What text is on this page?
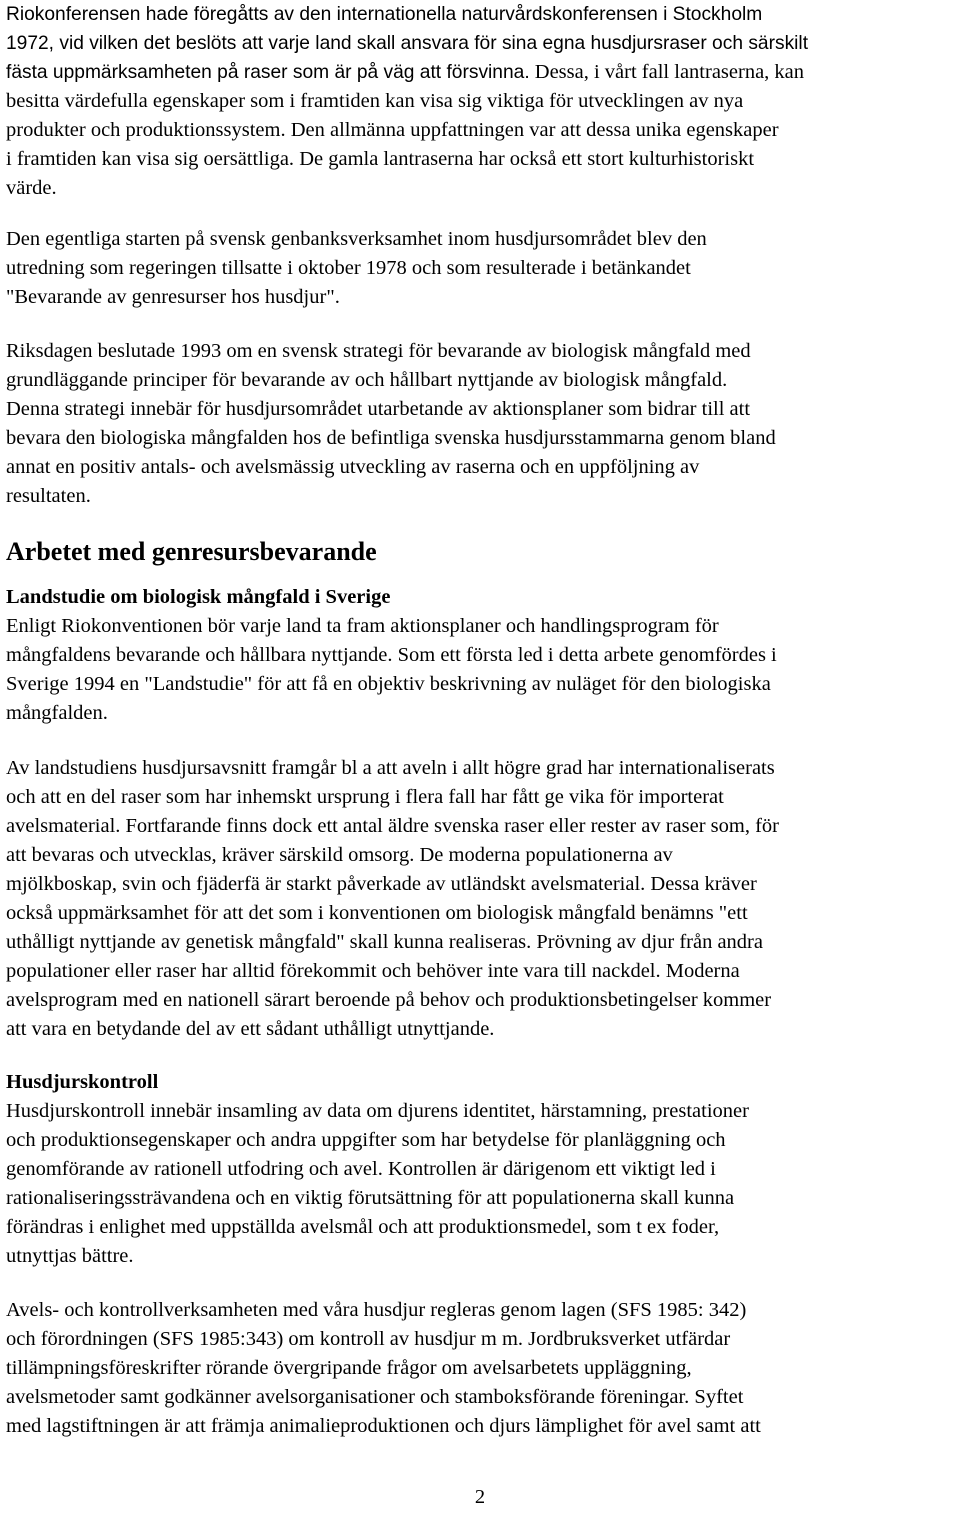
Riokonferensen hade föregåtts av den internationella naturvårdskonferensen i Stockholm
1972, vid vilken det beslöts att varje land skall ansvara för sina egna husdjursraser och särskilt
fästa uppmärksamheten på raser som är på väg att försvinna. Dessa, i vårt fall lantraserna, kan
besitta värdefulla egenskaper som i framtiden kan visa sig viktiga för utvecklingen av nya
produkter och produktionssystem. Den allmänna uppfattningen var att dessa unika egenskaper
i framtiden kan visa sig oersättliga. De gamla lantraserna har också ett stort kulturhistoriskt
värde.

Den egentliga starten på svensk genbanksverksamhet inom husdjursområdet blev den
utredning som regeringen tillsatte i oktober 1978 och som resulterade i betänkandet
"Bevarande av genresurser hos husdjur".

Riksdagen beslutade 1993 om en svensk strategi för bevarande av biologisk mångfald med
grundläggande principer för bevarande av och hållbart nyttjande av biologisk mångfald.
Denna strategi innebär för husdjursområdet utarbetande av aktionsplaner som bidrar till att
bevara den biologiska mångfalden hos de befintliga svenska husdjursstammarna genom bland
annat en positiv antals- och avelsmässig utveckling av raserna och en uppföljning av
resultaten.

Arbetet med genresursbevarande
Landstudie om biologisk mångfald i Sverige

Enligt Riokonventionen bör varje land ta fram aktionsplaner och handlingsprogram för
mångfaldens bevarande och hållbara nyttjande. Som ett första led i detta arbete genomfördes i
Sverige 1994 en "Landstudie" för att få en objektiv beskrivning av nuläget för den biologiska
mångfalden.

Av landstudiens husdjursavsnitt framgår bl a att aveln i allt högre grad har internationaliserats
och att en del raser som har inhemskt ursprung i flera fall har fått ge vika för importerat
avelsmaterial. Fortfarande finns dock ett antal äldre svenska raser eller rester av raser som, för
att bevaras och utvecklas, kräver särskild omsorg. De moderna populationerna av
mjölkboskap, svin och fjäderfä är starkt påverkade av utländskt avelsmaterial. Dessa kräver
också uppmärksamhet för att det som i konventionen om biologisk mångfald benämns "ett
uthålligt nyttjande av genetisk mångfald" skall kunna realiseras. Prövning av djur från andra
populationer eller raser har alltid förekommit och behöver inte vara till nackdel. Moderna
avelsprogram med en nationell särart beroende på behov och produktionsbetingelser kommer
att vara en betydande del av ett sådant uthålligt utnyttjande.

Husdjurskontroll

Husdjurskontroll innebär insamling av data om djurens identitet, härstamning, prestationer
och produktionsegenskaper och andra uppgifter som har betydelse för planläggning och
genomförande av rationell utfodring och avel. Kontrollen är därigenom ett viktigt led i
rationaliseringssträvandena och en viktig förutsättning för att populationerna skall kunna
förändras i enlighet med uppställda avelsmål och att produktionsmedel, som t ex foder,
utnyttjas bättre.

Avels- och kontrollverksamheten med våra husdjur regleras genom lagen (SFS 1985: 342)
och förordningen (SFS 1985:343) om kontroll av husdjur m m. Jordbruksverket utfärdar
tillämpningsföreskrifter rörande övergripande frågor om avelsarbetets uppläggning,
avelsmetoder samt godkänner avelsorganisationer och stamboksförande föreningar. Syftet
med lagstiftningen är att främja animalieproduktionen och djurs lämplighet för avel samt att

2
